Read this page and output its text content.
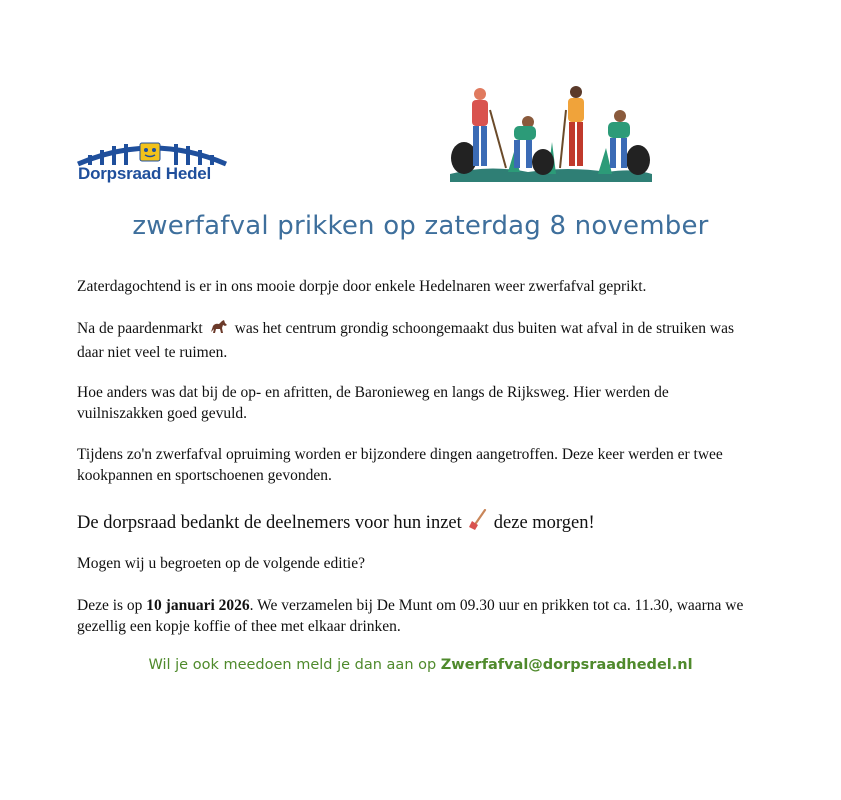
Dorpsraad Hedel
zwerfafval prikken op zaterdag 8 november
Zaterdagochtend is er in ons mooie dorpje door enkele Hedelnaren weer zwerfafval geprikt.
Na de paardenmarkt was het centrum grondig schoongemaakt dus buiten wat afval in de struiken was daar niet veel te ruimen.
Hoe anders was dat bij de op- en afritten, de Baronieweg en langs de Rijksweg. Hier werden de vuilniszakken goed gevuld.
Tijdens zo'n zwerfafval opruiming worden er bijzondere dingen aangetroffen. Deze keer werden er twee kookpannen en sportschoenen gevonden.
De dorpsraad bedankt de deelnemers voor hun inzet deze morgen!
Mogen wij u begroeten op de volgende editie?
Deze is op 10 januari 2026. We verzamelen bij De Munt om 09.30 uur en prikken tot ca. 11.30, waarna we gezellig een kopje koffie of thee met elkaar drinken.
Wil je ook meedoen meld je dan aan op Zwerfafval@dorpsraadhedel.nl
